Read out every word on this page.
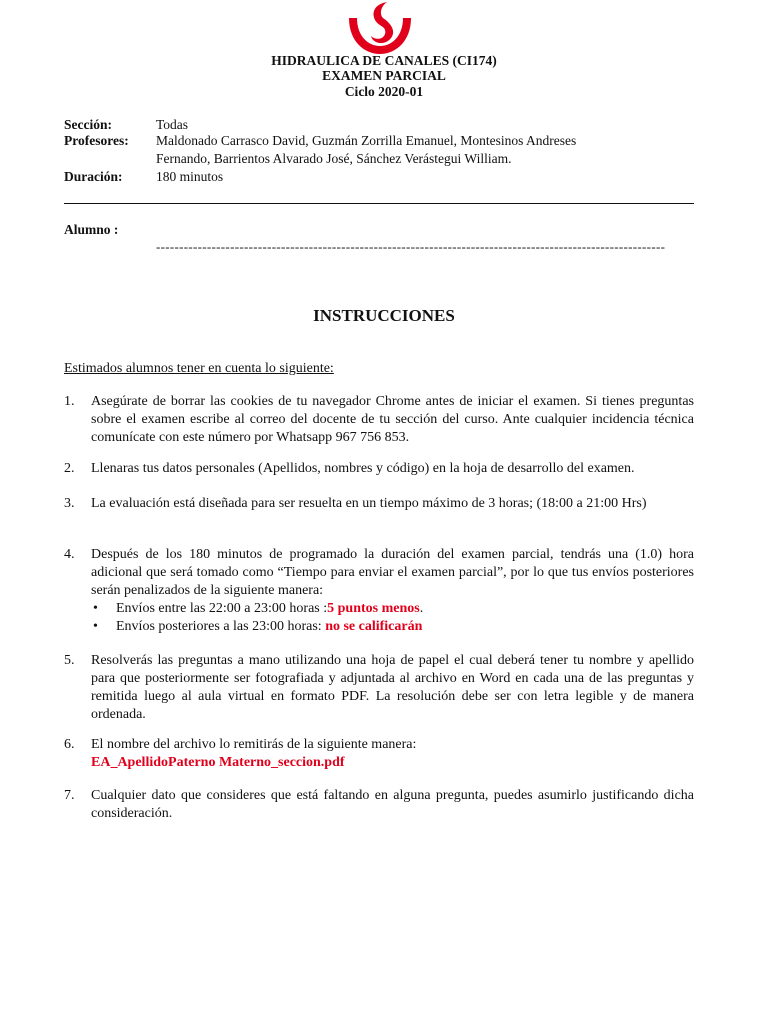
HIDRAULICA DE CANALES (CI174)
EXAMEN PARCIAL
Ciclo 2020-01
Sección:	Todas
Profesores: Maldonado Carrasco David, Guzmán Zorrilla Emanuel, Montesinos Andreses
Fernando, Barrientos Alvarado José, Sánchez Verástegui William.
Duración: 180 minutos
Alumno :
--------------------------------------------------------------------------------------------------------------
INSTRUCCIONES
Estimados alumnos tener en cuenta lo siguiente:
1. Asegúrate de borrar las cookies de tu navegador Chrome antes de iniciar el examen. Si tienes preguntas sobre el examen escribe al correo del docente de tu sección del curso. Ante cualquier incidencia técnica comunícate con este número por Whatsapp 967 756 853.
2. Llenaras tus datos personales (Apellidos, nombres y código) en la hoja de desarrollo del examen.
3. La evaluación está diseñada para ser resuelta en un tiempo máximo de 3 horas; (18:00 a 21:00 Hrs)
4. Después de los 180 minutos de programado la duración del examen parcial, tendrás una (1.0) hora adicional que será tomado como “Tiempo para enviar el examen parcial”, por lo que tus envíos posteriores serán penalizados de la siguiente manera:
• Envíos entre las 22:00 a 23:00 horas :5 puntos menos.
• Envíos posteriores a las 23:00 horas: no se calificarán
5. Resolverás las preguntas a mano utilizando una hoja de papel el cual deberá tener tu nombre y apellido para que posteriormente ser fotografiada y adjuntada al archivo en Word en cada una de las preguntas y remitida luego al aula virtual en formato PDF. La resolución debe ser con letra legible y de manera ordenada.
6. El nombre del archivo lo remitirás de la siguiente manera:
EA_ApellidoPaterno Materno_seccion.pdf
7. Cualquier dato que consideres que está faltando en alguna pregunta, puedes asumirlo justificando dicha consideración.
